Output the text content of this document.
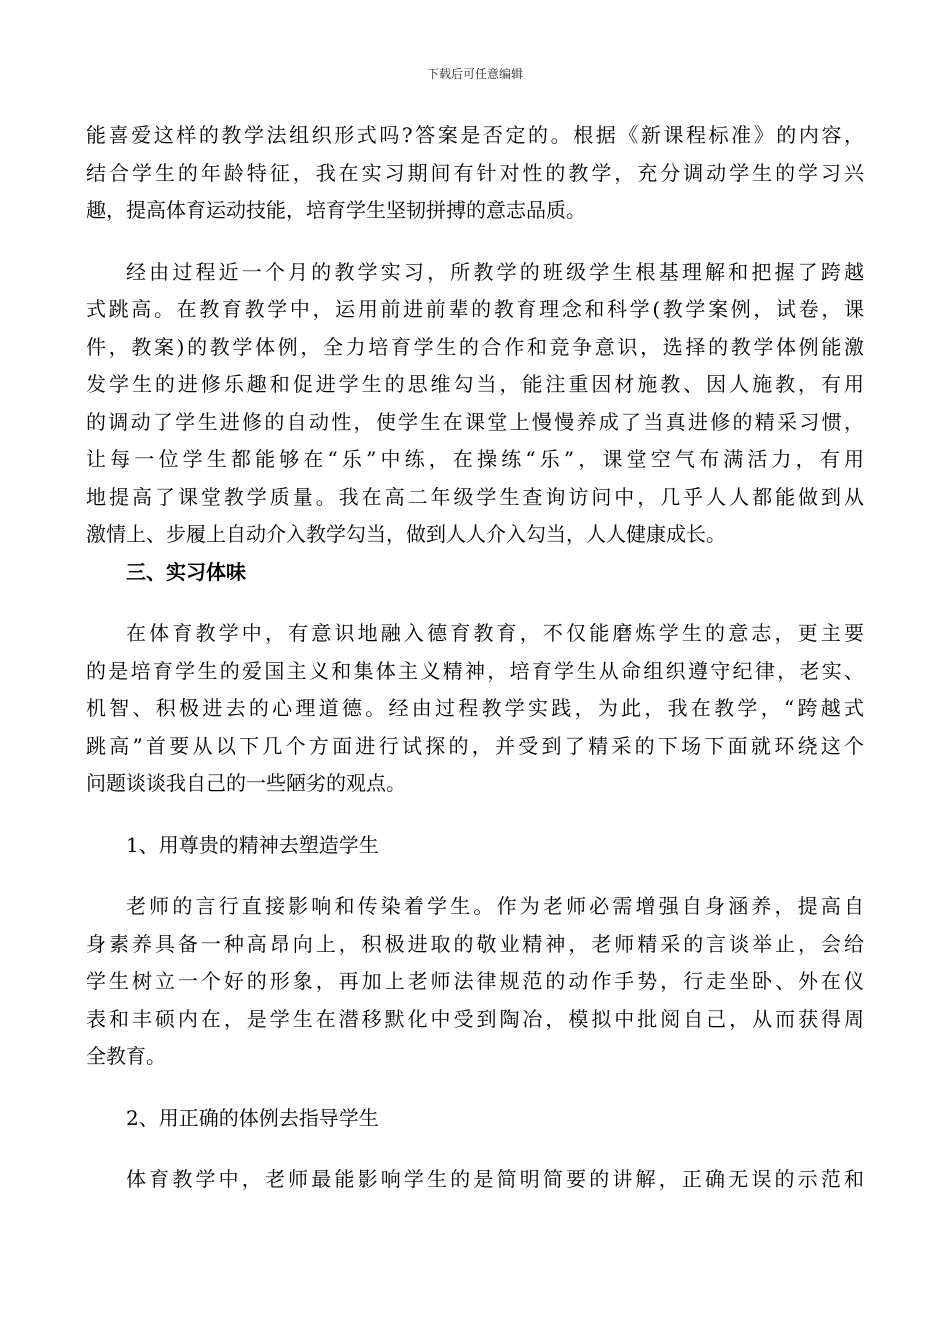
下载后可任意编辑

能喜爱这样的教学法组织形式吗?答案是否定的。根据《新课程标准》的内容，
结合学生的年龄特征，我在实习期间有针对性的教学，充分调动学生的学习兴
趣，提高体育运动技能，培育学生坚韧拼搏的意志品质。

经由过程近一个月的教学实习，所教学的班级学生根基理解和把握了跨越
式跳高。在教育教学中，运用前进前辈的教育理念和科学(教学案例，试卷，课
件，教案)的教学体例，全力培育学生的合作和竞争意识，选择的教学体例能激
发学生的进修乐趣和促进学生的思维勾当，能注重因材施教、因人施教，有用
的调动了学生进修的自动性，使学生在课堂上慢慢养成了当真进修的精采习惯，
让每一位学生都能够在“乐”中练，在操练“乐”，课堂空气布满活力，有用
地提高了课堂教学质量。我在高二年级学生查询访问中，几乎人人都能做到从
激情上、步履上自动介入教学勾当，做到人人介入勾当，人人健康成长。

三、实习体味

在体育教学中，有意识地融入德育教育，不仅能磨炼学生的意志，更主要
的是培育学生的爱国主义和集体主义精神，培育学生从命组织遵守纪律，老实、
机智、积极进去的心理道德。经由过程教学实践，为此，我在教学，“跨越式
跳高”首要从以下几个方面进行试探的，并受到了精采的下场下面就环绕这个
问题谈谈我自己的一些陋劣的观点。

1、用尊贵的精神去塑造学生

老师的言行直接影响和传染着学生。作为老师必需增强自身涵养，提高自
身素养具备一种高昂向上，积极进取的敬业精神，老师精采的言谈举止，会给
学生树立一个好的形象，再加上老师法律规范的动作手势，行走坐卧、外在仪
表和丰硕内在，是学生在潜移默化中受到陶冶，模拟中批阅自己，从而获得周
全教育。

2、用正确的体例去指导学生

体育教学中，老师最能影响学生的是简明简要的讲解，正确无误的示范和
